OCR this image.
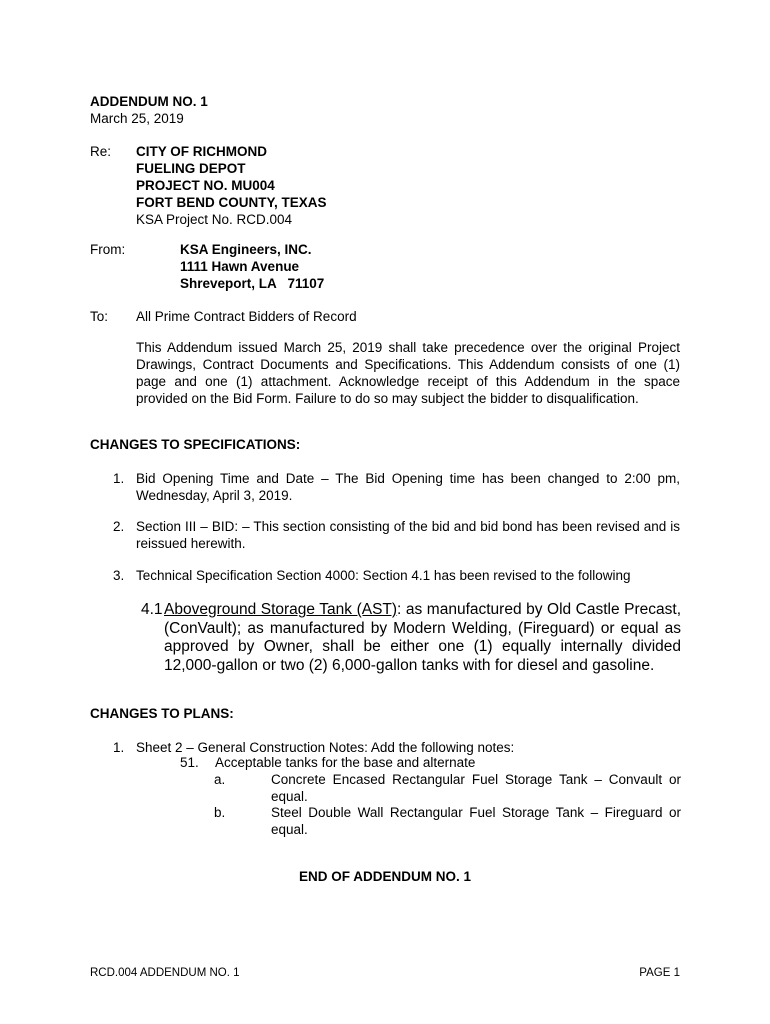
ADDENDUM NO. 1
March 25, 2019
Re: CITY OF RICHMOND
FUELING DEPOT
PROJECT NO. MU004
FORT BEND COUNTY, TEXAS
KSA Project No. RCD.004
From:	KSA Engineers, INC.
1111 Hawn Avenue
Shreveport, LA   71107
To: All Prime Contract Bidders of Record
This Addendum issued March 25, 2019 shall take precedence over the original Project Drawings, Contract Documents and Specifications. This Addendum consists of one (1) page and one (1) attachment. Acknowledge receipt of this Addendum in the space provided on the Bid Form. Failure to do so may subject the bidder to disqualification.
CHANGES TO SPECIFICATIONS:
1. Bid Opening Time and Date – The Bid Opening time has been changed to 2:00 pm, Wednesday, April 3, 2019.
2. Section III – BID: – This section consisting of the bid and bid bond has been revised and is reissued herewith.
3. Technical Specification Section 4000: Section 4.1 has been revised to the following
4.1 Aboveground Storage Tank (AST): as manufactured by Old Castle Precast, (ConVault); as manufactured by Modern Welding, (Fireguard) or equal as approved by Owner, shall be either one (1) equally internally divided 12,000-gallon or two (2) 6,000-gallon tanks with for diesel and gasoline.
CHANGES TO PLANS:
1. Sheet 2 – General Construction Notes: Add the following notes:
51. Acceptable tanks for the base and alternate
a.	Concrete Encased Rectangular Fuel Storage Tank – Convault or equal.
b.	Steel Double Wall Rectangular Fuel Storage Tank – Fireguard or equal.
END OF ADDENDUM NO. 1
RCD.004 ADDENDUM NO. 1	PAGE 1
